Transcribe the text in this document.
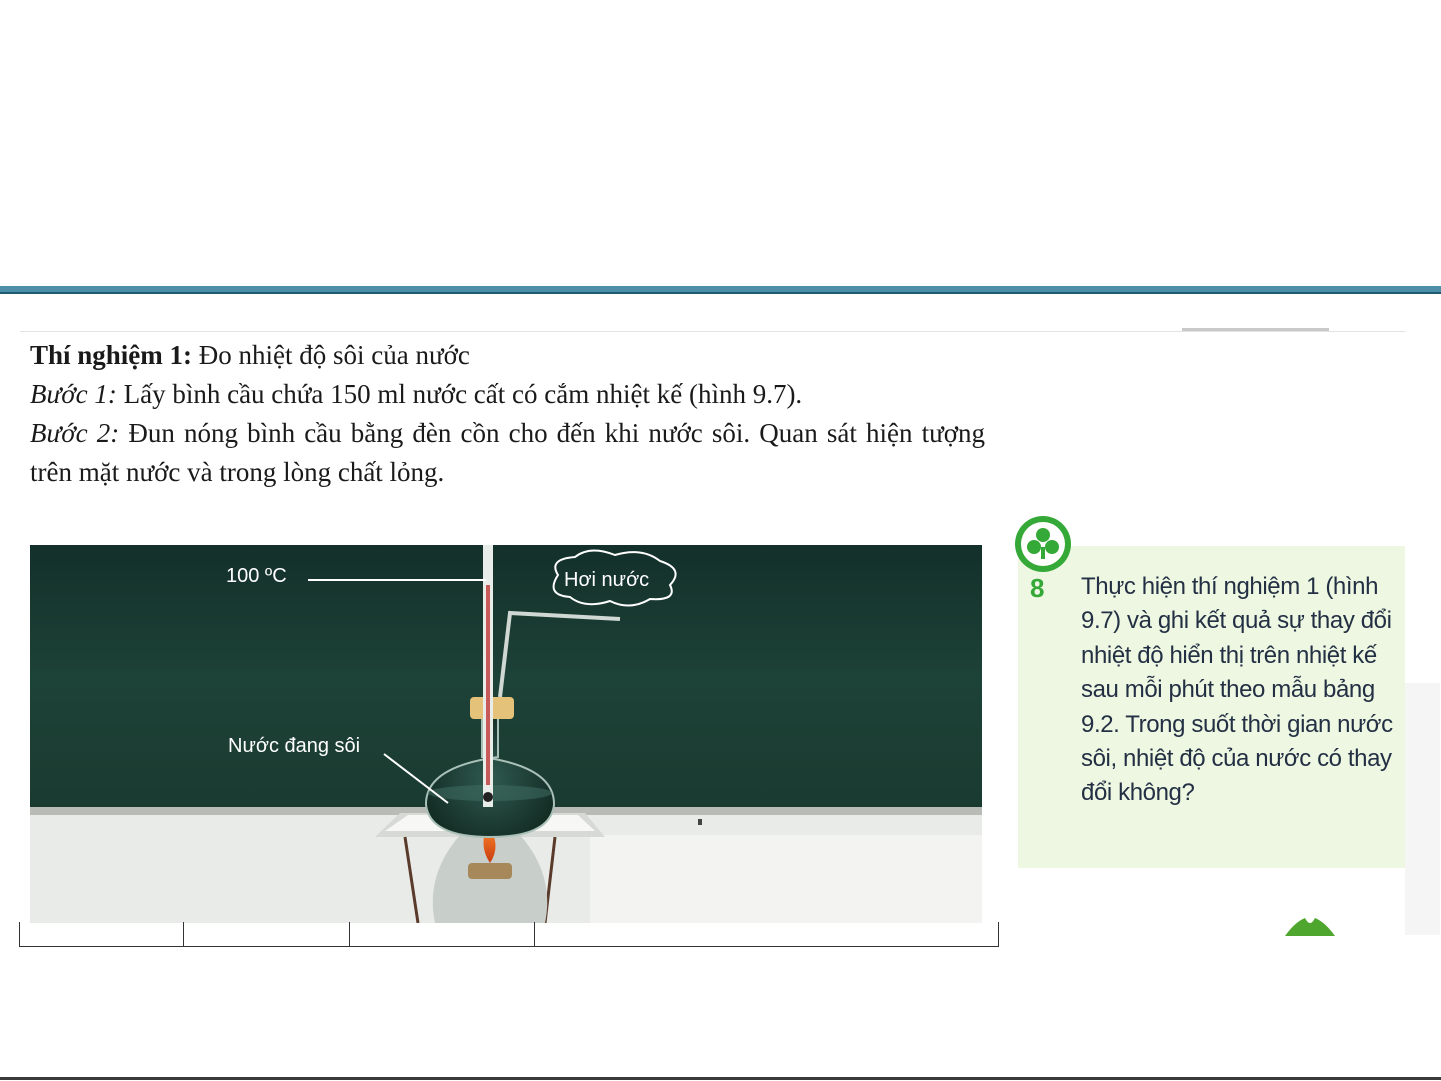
Thí nghiệm 1: Đo nhiệt độ sôi của nước

Bước 1: Lấy bình cầu chứa 150 ml nước cất có cắm nhiệt kế (hình 9.7).

Bước 2: Đun nóng bình cầu bằng đèn cồn cho đến khi nước sôi. Quan sát hiện tượng trên mặt nước và trong lòng chất lỏng.

100 ºC
Nước đang sôi
Hơi nước	8 Thực hiện thí nghiệm 1 (hình 9.7) và ghi kết quả sự thay đổi nhiệt độ hiển thị trên nhiệt kế sau mỗi phút theo mẫu bảng 9.2. Trong suốt thời gian nước sôi, nhiệt độ của nước có thay đổi không?
